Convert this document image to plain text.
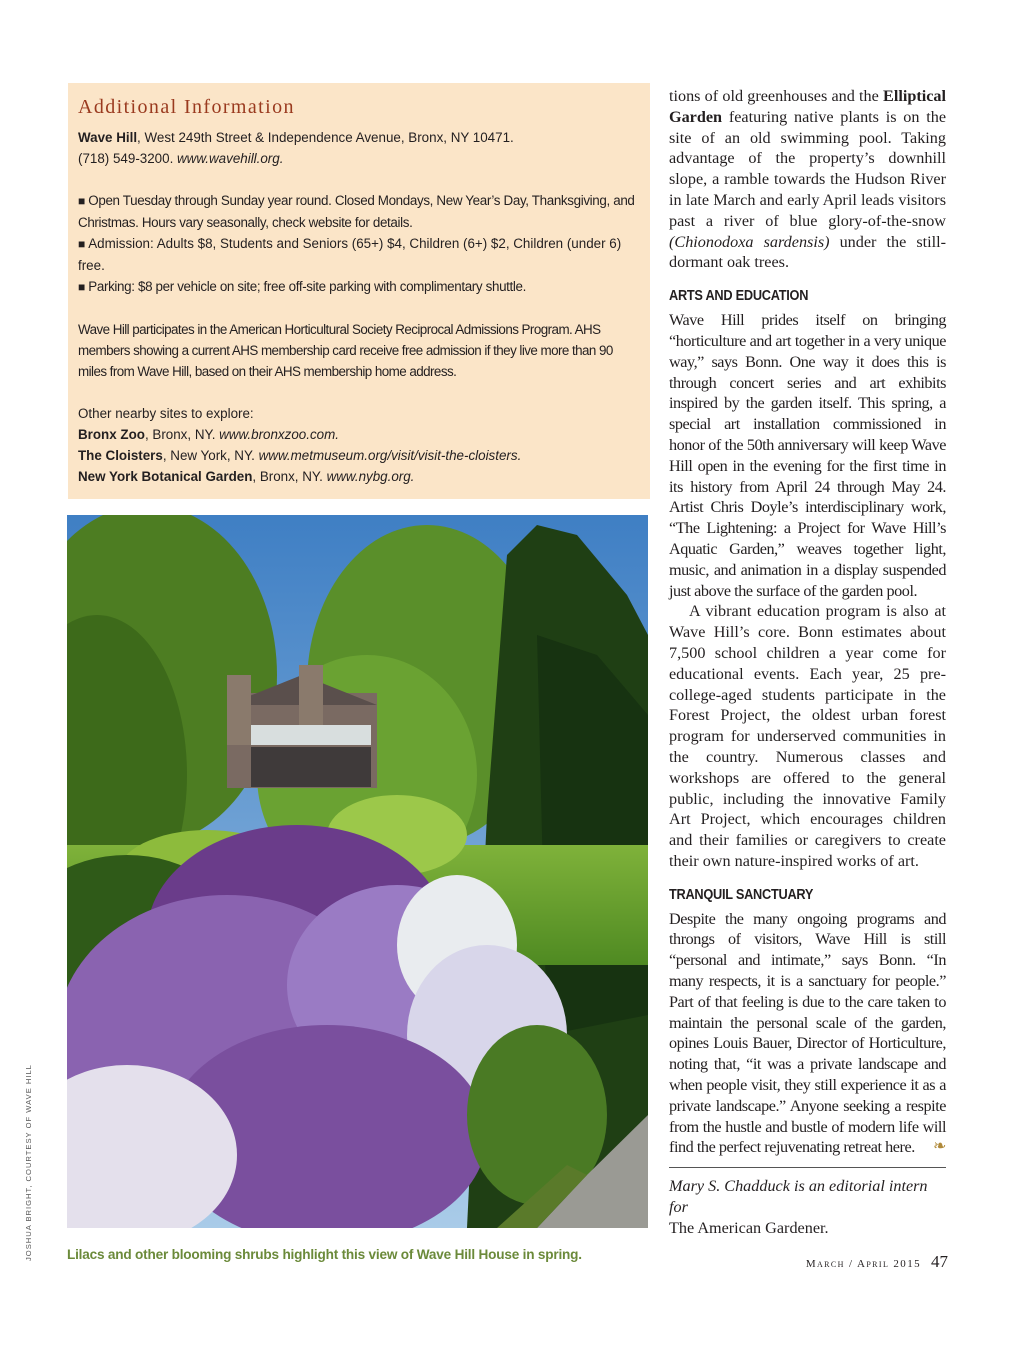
Additional Information

Wave Hill, West 249th Street & Independence Avenue, Bronx, NY 10471.
(718) 549-3200. www.wavehill.org.

■ Open Tuesday through Sunday year round. Closed Mondays, New Year’s Day, Thanksgiving, and Christmas. Hours vary seasonally, check website for details.

■ Admission: Adults $8, Students and Seniors (65+) $4, Children (6+) $2, Children (under 6) free.

■ Parking: $8 per vehicle on site; free off-site parking with complimentary shuttle.

Wave Hill participates in the American Horticultural Society Reciprocal Admissions Program. AHS members showing a current AHS membership card receive free admission if they live more than 90 miles from Wave Hill, based on their AHS membership home address.

Other nearby sites to explore:

Bronx Zoo, Bronx, NY. www.bronxzoo.com.

The Cloisters, New York, NY. www.metmuseum.org/visit/visit-the-cloisters.

New York Botanical Garden, Bronx, NY. www.nybg.org.

Lilacs and other blooming shrubs highlight this view of Wave Hill House in spring.
JOSHUA BRIGHT, COURTESY OF WAVE HILL

tions of old greenhouses and the Elliptical Garden featuring native plants is on the site of an old swimming pool. Taking advantage of the property’s downhill slope, a ramble towards the Hudson River in late March and early April leads visitors past a river of blue glory-of-the-snow (Chionodoxa sardensis) under the still-dormant oak trees.

ARTS AND EDUCATION

Wave Hill prides itself on bringing “horticulture and art together in a very unique way,” says Bonn. One way it does this is through concert series and art exhibits inspired by the garden itself. This spring, a special art installation commissioned in honor of the 50th anniversary will keep Wave Hill open in the evening for the first time in its history from April 24 through May 24. Artist Chris Doyle’s interdisciplinary work, “The Lightening: a Project for Wave Hill’s Aquatic Garden,” weaves together light, music, and animation in a display suspended just above the surface of the garden pool.

A vibrant education program is also at Wave Hill’s core. Bonn estimates about 7,500 school children a year come for educational events. Each year, 25 pre-college-aged students participate in the Forest Project, the oldest urban forest program for underserved communities in the country. Numerous classes and workshops are offered to the general public, including the innovative Family Art Project, which encourages children and their families or caregivers to create their own nature-inspired works of art.

TRANQUIL SANCTUARY

Despite the many ongoing programs and throngs of visitors, Wave Hill is still “personal and intimate,” says Bonn. “In many respects, it is a sanctuary for people.” Part of that feeling is due to the care taken to maintain the personal scale of the garden, opines Louis Bauer, Director of Horticulture, noting that, “it was a private landscape and when people visit, they still experience it as a private landscape.” Anyone seeking a respite from the hustle and bustle of modern life will find the perfect rejuvenating retreat here. ❧

Mary S. Chadduck is an editorial intern for
The American Gardener.

March / April 2015 47
